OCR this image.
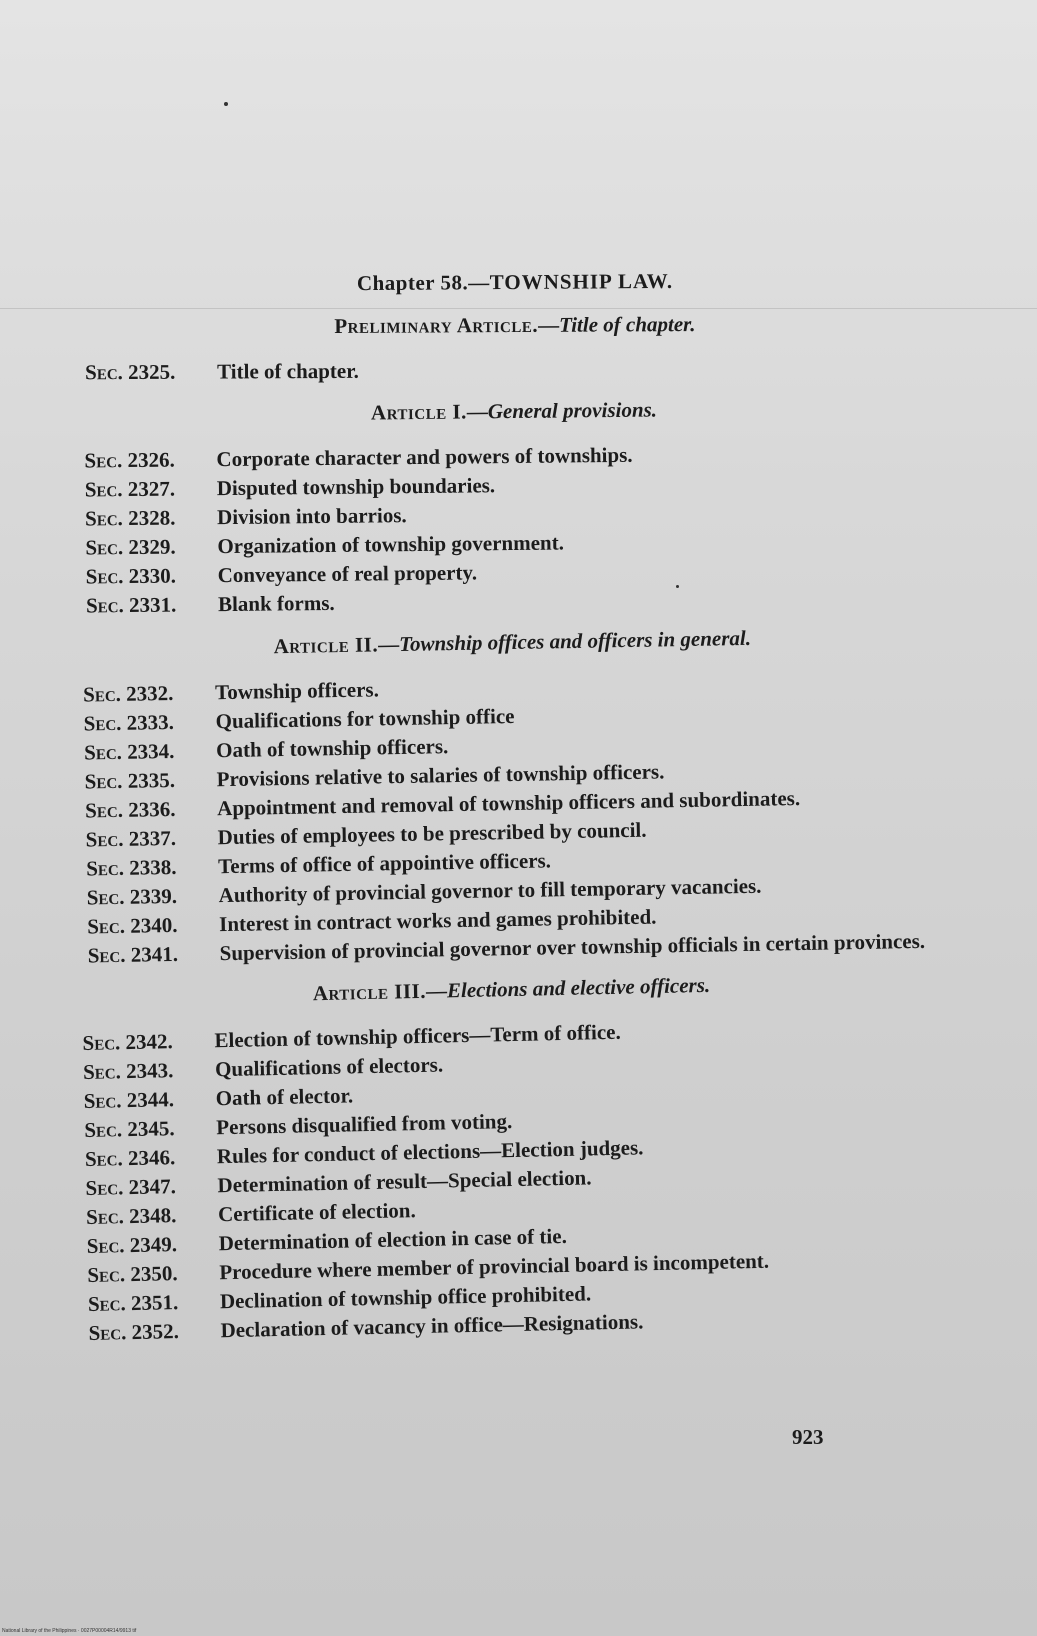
Chapter 58.—TOWNSHIP LAW.
Preliminary Article.—Title of chapter.
Sec. 2325.	Title of chapter.
Article I.—General provisions.
Sec. 2326.	Corporate character and powers of townships.
Sec. 2327.	Disputed township boundaries.
Sec. 2328.	Division into barrios.
Sec. 2329.	Organization of township government.
Sec. 2330.	Conveyance of real property.
Sec. 2331.	Blank forms.
Article II.—Township offices and officers in general.
Sec. 2332.	Township officers.
Sec. 2333.	Qualifications for township office
Sec. 2334.	Oath of township officers.
Sec. 2335.	Provisions relative to salaries of township officers.
Sec. 2336.	Appointment and removal of township officers and subordinates.
Sec. 2337.	Duties of employees to be prescribed by council.
Sec. 2338.	Terms of office of appointive officers.
Sec. 2339.	Authority of provincial governor to fill temporary vacancies.
Sec. 2340.	Interest in contract works and games prohibited.
Sec. 2341.	Supervision of provincial governor over township officials in certain provinces.
Article III.—Elections and elective officers.
Sec. 2342.	Election of township officers—Term of office.
Sec. 2343.	Qualifications of electors.
Sec. 2344.	Oath of elector.
Sec. 2345.	Persons disqualified from voting.
Sec. 2346.	Rules for conduct of elections—Election judges.
Sec. 2347.	Determination of result—Special election.
Sec. 2348.	Certificate of election.
Sec. 2349.	Determination of election in case of tie.
Sec. 2350.	Procedure where member of provincial board is incompetent.
Sec. 2351.	Declination of township office prohibited.
Sec. 2352.	Declaration of vacancy in office—Resignations.
923
National Library of the Philippines · 0027P00004R14/9913 tif
